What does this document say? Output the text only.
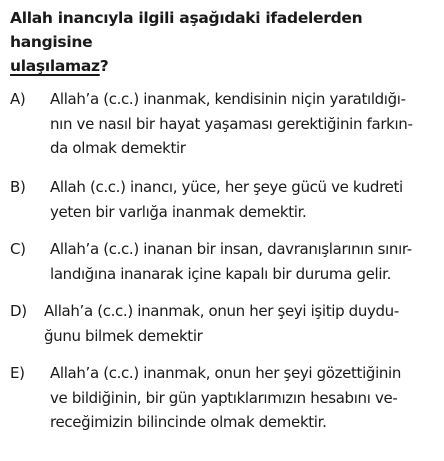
Allah inancıyla ilgili aşağıdaki ifadelerden hangisine
ulaşılamaz?
A)	Allah’a (c.c.) inanmak, kendisinin niçin yaratıldığı-
nın ve nasıl bir hayat yaşaması gerektiğinin farkın-
da olmak demektir
B)	Allah (c.c.) inancı, yüce, her şeye gücü ve kudreti
yeten bir varlığa inanmak demektir.
C)	Allah’a (c.c.) inanan bir insan, davranışlarının sınır-
landığına inanarak içine kapalı bir duruma gelir.
D)	Allah’a (c.c.) inanmak, onun her şeyi işitip duydu-
ğunu bilmek demektir
E)	Allah’a (c.c.) inanmak, onun her şeyi gözettiğinin
ve bildiğinin, bir gün yaptıklarımızın hesabını ve-
receğimizin bilincinde olmak demektir.
